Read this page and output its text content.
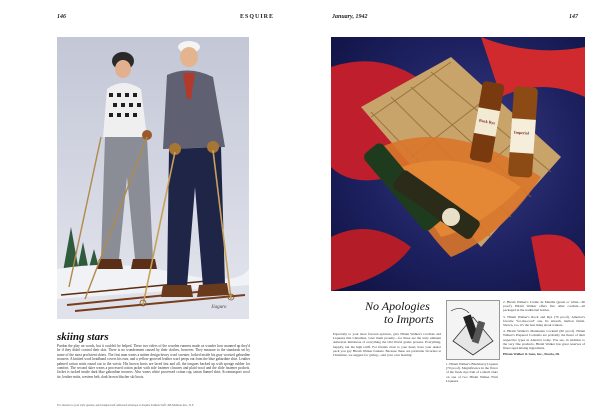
146	ESQUIRE	January, 1942	147
Jiaguro
skiing stars
Pardon the play on words, but it couldn't be helped. These two riders of the wooden runners made us wonder how manned up they'd be if they didn't control their skis. There is no wonderment caused by their clothes, however. They measure to the standards set by some of the most proficient skiers. The first man wears a mitten design heavy wool sweater, locked inside his gray worsted gabardine trousers. A knitted wool headband covers his ears, and a yellow-grooved leather scarf peeps out from the blue gabardine shirt. Leather palmed cotton mitts round out to the wrists. His brown boots are laced fast and all, the tongues backed up with sponge rubber for comfort. The second skier wears a processed cotton jacket with side fastener closures and plaid wool and the slide fastener pockets. Jacket is tucked inside dark blue gabardine trousers. Also wears white processed cotton cap, tartan flannel shirt, Scotsmasport wool tie, leather mitts, western belt, dark brown blucher ski boots.
For answers to your style queries, send stamped self-addressed envelope to Esquire Fashion Staff, 366 Madison Ave., N.Y.
Rock Rye
Imperial
No Apologies
to Imports
Especially to your most favored epicures, give Hiram Walker's Cordials and Liqueurs this Christmas. Give them proudly—for these are the truly eminent American imitations of everything the Old World grants possess. Everything, happily, but the high tariff. For friends close to your heart, have your dealer pack you gay Hiram Walker baskets. Because these are particular favorites at Christmas, we suggest for giving—and your own feasting:
1. Hiram Walker's Blackberry Liqueur (70 proof). Magnificence in the flavor of the fresh, ripe fruit of a small. Ours on one of two Hiram Walker Fruit Liqueurs.
2. Hiram Walker's Creme de Menthe (green or white—60 proof). Hiram Walker offers five other cordials—all packaged in the traditional bottles.
3. Hiram Walker's Rock and Rye (70 proof). America's favorite "for-the-road" one. Its smooth, mellow finish. Shown, too, it's the best thing about winters.
4. Hiram Walker's Manhattan Cocktail (60 proof). Hiram Walker's Prepared Cocktails are probably the finest of their respective types in America today. You see, in addition to the very fine products, Hiram Walker has great reserves of finest aged mixing ingredients.
Hiram Walker & Sons, Inc., Peoria, Ill.
